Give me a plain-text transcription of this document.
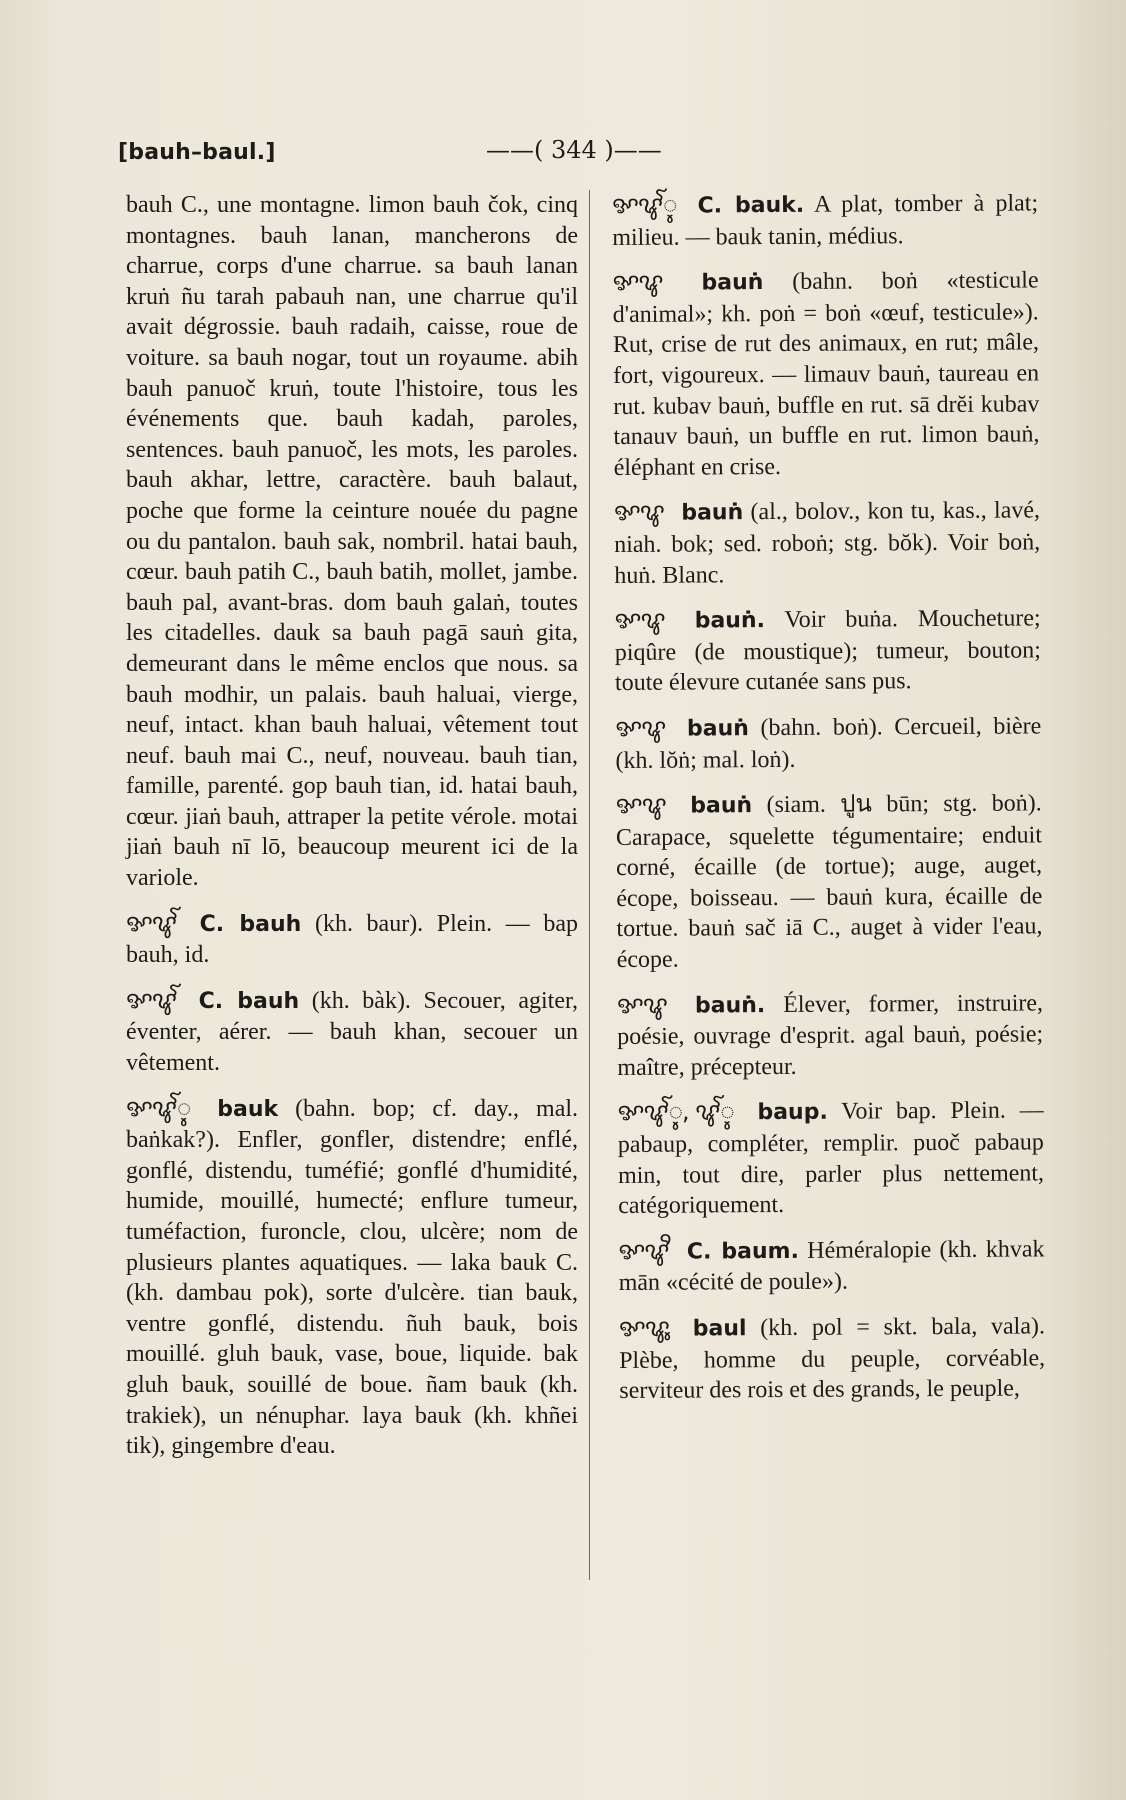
[bauh–baul.]	——( 344 )——

bauh C., une montagne. limon bauh čok, cinq montagnes. bauh lanan, mancherons de charrue, corps d'une charrue. sa bauh lanan kruṅ ñu tarah pabauh nan, une charrue qu'il avait dégrossie. bauh radaih, caisse, roue de voiture. sa bauh nogar, tout un royaume. abih bauh panuoč kruṅ, toute l'histoire, tous les événements que. bauh kadah, paroles, sentences. bauh panuoč, les mots, les paroles. bauh akhar, lettre, caractère. bauh balaut, poche que forme la ceinture nouée du pagne ou du pantalon. bauh sak, nombril. hatai bauh, cœur. bauh patih C., bauh batih, mollet, jambe. bauh pal, avant-bras. dom bauh galaṅ, toutes les citadelles. dauk sa bauh pagā sauṅ gita, demeurant dans le même enclos que nous. sa bauh modhir, un palais. bauh haluai, vierge, neuf, intact. khan bauh haluai, vêtement tout neuf. bauh mai C., neuf, nouveau. bauh tian, famille, parenté. gop bauh tian, id. hatai bauh, cœur. jiaṅ bauh, attraper la petite vérole. motai jiaṅ bauh nī lō, beaucoup meurent ici de la variole.

ꨀꨥꨱ C. bauh (kh. baur). Plein. — bap bauh, id.

ꨀꨥꨱ C. bauh (kh. bàk). Secouer, agiter, éventer, aérer. — bauh khan, secouer un vêtement.

ꨀꨥꨱꨶ bauk (bahn. bop; cf. day., mal. baṅkak?). Enfler, gonfler, distendre; enflé, gonflé, distendu, tuméfié; gonflé d'humidité, humide, mouillé, humecté; enflure tumeur, tuméfaction, furoncle, clou, ulcère; nom de plusieurs plantes aquatiques. — laka bauk C. (kh. dambau pok), sorte d'ulcère. tian bauk, ventre gonflé, distendu. ñuh bauk, bois mouillé. gluh bauk, vase, boue, liquide. bak gluh bauk, souillé de boue. ñam bauk (kh. trakiek), un nénuphar. laya bauk (kh. khñei tik), gingembre d'eau.

ꨀꨥꨱꨶ C. bauk. A plat, tomber à plat; milieu. — bauk tanin, médius.

ꨀꨥ bauṅ (bahn. boṅ «testicule d'animal»; kh. poṅ = boṅ «œuf, testicule»). Rut, crise de rut des animaux, en rut; mâle, fort, vigoureux. — limauv bauṅ, taureau en rut. kubav bauṅ, buffle en rut. sā drĕi kubav tanauv bauṅ, un buffle en rut. limon bauṅ, éléphant en crise.

ꨀꨥ bauṅ (al., bolov., kon tu, kas., lavé, niah. bok; sed. roboṅ; stg. bŏk). Voir boṅ, huṅ. Blanc.

ꨀꨥ bauṅ. Voir buṅa. Moucheture; piqûre (de moustique); tumeur, bouton; toute élevure cutanée sans pus.

ꨀꨥ bauṅ (bahn. boṅ). Cercueil, bière (kh. lŏṅ; mal. loṅ).

ꨀꨥ bauṅ (siam. ปูน būn; stg. boṅ). Carapace, squelette tégumentaire; enduit corné, écaille (de tortue); auge, auget, écope, boisseau. — bauṅ kura, écaille de tortue. bauṅ sač iā C., auget à vider l'eau, écope.

ꨀꨥ bauṅ. Élever, former, instruire, poésie, ouvrage d'esprit. agal bauṅ, poésie; maître, précepteur.

ꨀꨥꨱꨶ, ꨥꨱꨶ baup. Voir bap. Plein. — pabaup, compléter, remplir. puoč pabaup min, tout dire, parler plus nettement, catégoriquement.

ꨀꨥꨪ C. baum. Héméralopie (kh. khvak mān «cécité de poule»).

ꨀꨥꨶ baul (kh. pol = skt. bala, vala). Plèbe, homme du peuple, corvéable, serviteur des rois et des grands, le peuple,
